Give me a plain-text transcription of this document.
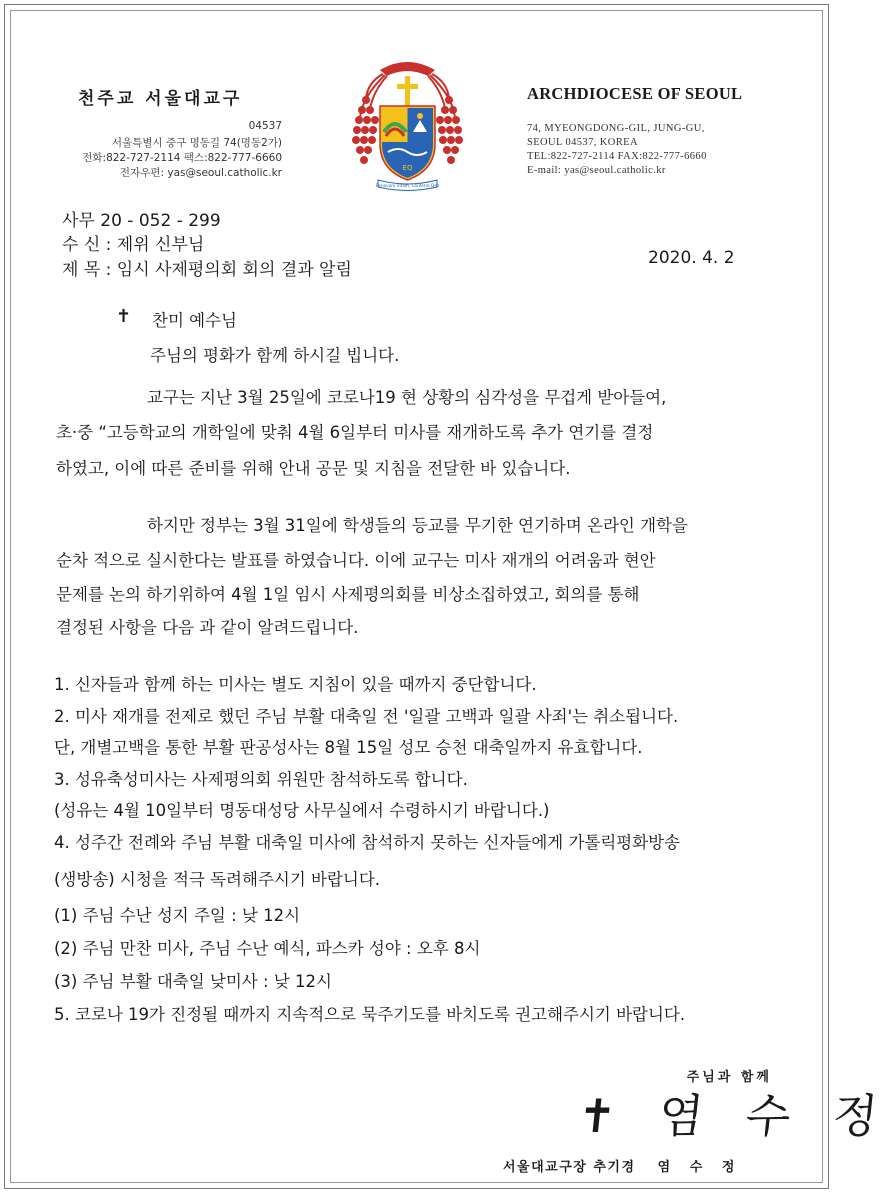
천주교 서울대교구
04537
서울특별시 중구 명동길 74(명동2가)
전화:822-727-2114 팩스:822-777-6660
전자우편: yas@seoul.catholic.kr	EQ
Renovare Vitam, Conferre Deo
ARCHDIOCESE OF SEOUL
74, MYEONGDONG-GIL, JUNG-GU,
SEOUL 04537, KOREA
TEL:822-727-2114 FAX:822-777-6660
E-mail: yas@seoul.catholic.kr
사무 20 - 052 - 299
수 신 : 제위 신부님
제 목 : 임시 사제평의회 회의 결과 알림
2020. 4. 2
✝ 찬미 예수님
주님의 평화가 함께 하시길 빕니다.
교구는 지난 3월 25일에 코로나19 현 상황의 심각성을 무겁게 받아들여,
초·중 “고등학교의 개학일에 맞춰 4월 6일부터 미사를 재개하도록 추가 연기를 결정
하였고, 이에 따른 준비를 위해 안내 공문 및 지침을 전달한 바 있습니다.
하지만 정부는 3월 31일에 학생들의 등교를 무기한 연기하며 온라인 개학을
순차 적으로 실시한다는 발표를 하였습니다. 이에 교구는 미사 재개의 어려움과 현안
문제를 논의 하기위하여 4월 1일 임시 사제평의회를 비상소집하였고, 회의를 통해
결정된 사항을 다음 과 같이 알려드립니다.
1. 신자들과 함께 하는 미사는 별도 지침이 있을 때까지 중단합니다.
2. 미사 재개를 전제로 했던 주님 부활 대축일 전 '일괄 고백과 일괄 사죄'는 취소됩니다.
단, 개별고백을 통한 부활 판공성사는 8월 15일 성모 승천 대축일까지 유효합니다.
3. 성유축성미사는 사제평의회 위원만 참석하도록 합니다.
(성유는 4월 10일부터 명동대성당 사무실에서 수령하시기 바랍니다.)
4. 성주간 전례와 주님 부활 대축일 미사에 참석하지 못하는 신자들에게 가톨릭평화방송
(생방송) 시청을 적극 독려해주시기 바랍니다.
(1) 주님 수난 성지 주일 : 낮 12시
(2) 주님 만찬 미사, 주님 수난 예식, 파스카 성야 : 오후 8시
(3) 주님 부활 대축일 낮미사 : 낮 12시
5. 코로나 19가 진정될 때까지 지속적으로 묵주기도를 바치도록 권고해주시기 바랍니다.
주님과 함께
✝ 염 수 정
서울대교구장 추기경 염   수   정
